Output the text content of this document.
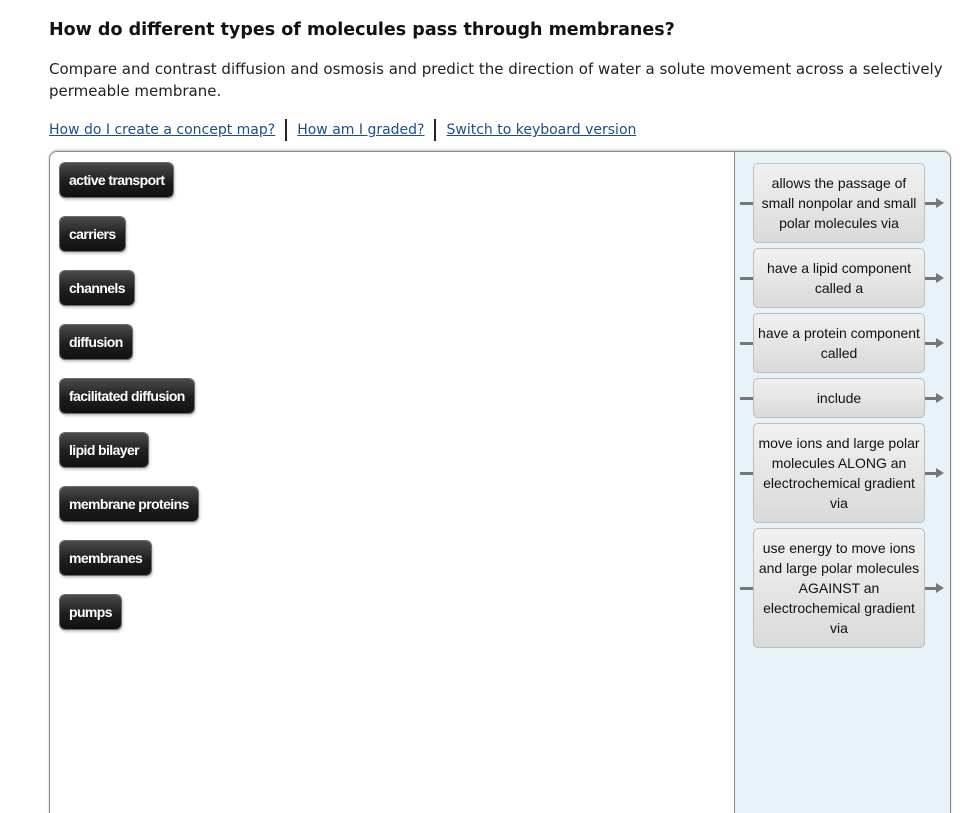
How do different types of molecules pass through membranes?

Compare and contrast diffusion and osmosis and predict the direction of water a solute movement across a selectively permeable membrane.

How do I create a concept map? How am I graded? Switch to keyboard version
active transport
carriers
channels
diffusion
facilitated diffusion
lipid bilayer
membrane proteins
membranes
pumps
allows the passage of small nonpolar and small polar molecules via
have a lipid component called a
have a protein component called
include
move ions and large polar molecules ALONG an electrochemical gradient via
use energy to move ions and large polar molecules AGAINST an electrochemical gradient via
